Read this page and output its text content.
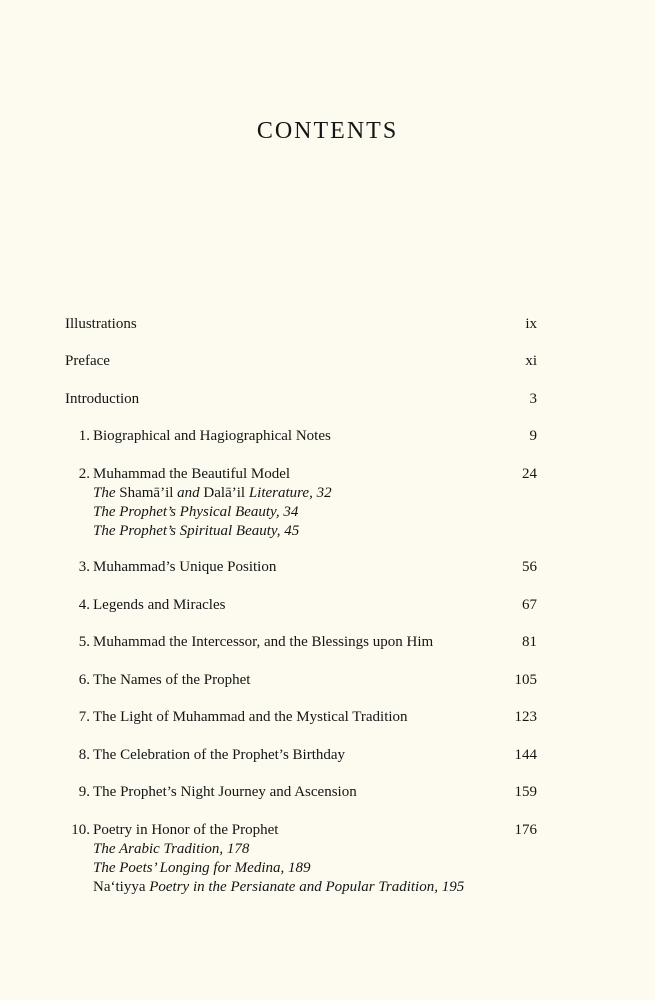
CONTENTS
Illustrations	ix
Preface	xi
Introduction	3
1. Biographical and Hagiographical Notes	9
2. Muhammad the Beautiful Model	24
The Shamā’il and Dalā’il Literature, 32
The Prophet’s Physical Beauty, 34
The Prophet’s Spiritual Beauty, 45
3. Muhammad’s Unique Position	56
4. Legends and Miracles	67
5. Muhammad the Intercessor, and the Blessings upon Him	81
6. The Names of the Prophet	105
7. The Light of Muhammad and the Mystical Tradition	123
8. The Celebration of the Prophet’s Birthday	144
9. The Prophet’s Night Journey and Ascension	159
10. Poetry in Honor of the Prophet	176
The Arabic Tradition, 178
The Poets’ Longing for Medina, 189
Na‘tiyya Poetry in the Persianate and Popular Tradition, 195
